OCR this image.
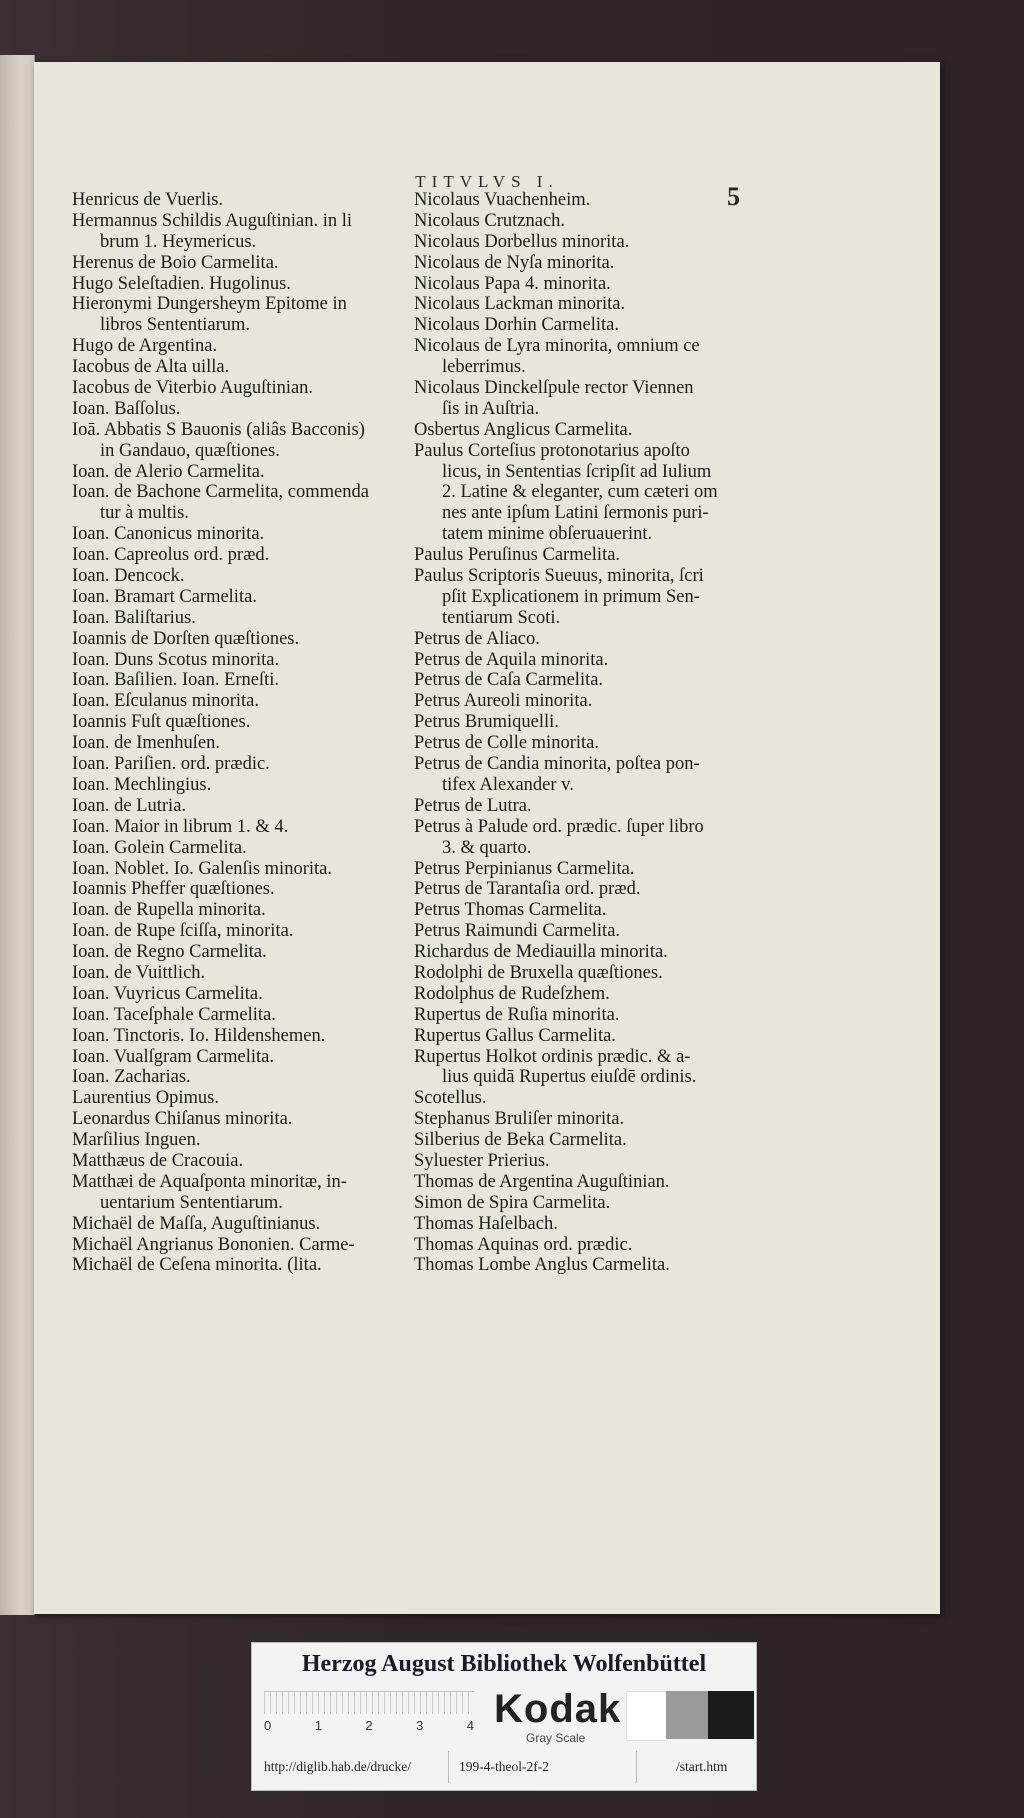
TITVLVS I.
5
Henricus de Vuerlis.
Hermannus Schildis Auguſtinian. in li
brum 1. Heymericus.
Herenus de Boio Carmelita.
Hugo Seleſtadien. Hugolinus.
Hieronymi Dungersheym Epitome in
libros Sententiarum.
Hugo de Argentina.
Iacobus de Alta uilla.
Iacobus de Viterbio Auguſtinian.
Ioan. Baſſolus.
Ioā. Abbatis S Bauonis (aliâs Bacconis)
in Gandauo, quæſtiones.
Ioan. de Alerio Carmelita.
Ioan. de Bachone Carmelita, commenda
tur à multis.
Ioan. Canonicus minorita.
Ioan. Capreolus ord. præd.
Ioan. Dencock.
Ioan. Bramart Carmelita.
Ioan. Baliſtarius.
Ioannis de Dorſten quæſtiones.
Ioan. Duns Scotus minorita.
Ioan. Baſilien. Ioan. Erneſti.
Ioan. Eſculanus minorita.
Ioannis Fuſt quæſtiones.
Ioan. de Imenhuſen.
Ioan. Pariſien. ord. prædic.
Ioan. Mechlingius.
Ioan. de Lutria.
Ioan. Maior in librum 1. & 4.
Ioan. Golein Carmelita.
Ioan. Noblet. Io. Galenſis minorita.
Ioannis Pheffer quæſtiones.
Ioan. de Rupella minorita.
Ioan. de Rupe ſciſſa, minorita.
Ioan. de Regno Carmelita.
Ioan. de Vuittlich.
Ioan. Vuyricus Carmelita.
Ioan. Taceſphale Carmelita.
Ioan. Tinctoris. Io. Hildenshemen.
Ioan. Vualſgram Carmelita.
Ioan. Zacharias.
Laurentius Opimus.
Leonardus Chiſanus minorita.
Marſilius Inguen.
Matthæus de Cracouia.
Matthæi de Aquaſponta minoritæ, in-
uentarium Sententiarum.
Michaël de Maſſa, Auguſtinianus.
Michaël Angrianus Bononien. Carme-
Michaël de Ceſena minorita. (lita.
Nicolaus Vuachenheim.
Nicolaus Crutznach.
Nicolaus Dorbellus minorita.
Nicolaus de Nyſa minorita.
Nicolaus Papa 4. minorita.
Nicolaus Lackman minorita.
Nicolaus Dorhin Carmelita.
Nicolaus de Lyra minorita, omnium ce
leberrimus.
Nicolaus Dinckelſpule rector Viennen
ſis in Auſtria.
Osbertus Anglicus Carmelita.
Paulus Corteſius protonotarius apoſto
licus, in Sententias ſcripſit ad Iulium
2. Latine & eleganter, cum cæteri om
nes ante ipſum Latini ſermonis puri-
tatem minime obſeruauerint.
Paulus Peruſinus Carmelita.
Paulus Scriptoris Sueuus, minorita, ſcri
pſit Explicationem in primum Sen-
tentiarum Scoti.
Petrus de Aliaco.
Petrus de Aquila minorita.
Petrus de Caſa Carmelita.
Petrus Aureoli minorita.
Petrus Brumiquelli.
Petrus de Colle minorita.
Petrus de Candia minorita, poſtea pon-
tifex Alexander v.
Petrus de Lutra.
Petrus à Palude ord. prædic. ſuper libro
3. & quarto.
Petrus Perpinianus Carmelita.
Petrus de Tarantaſia ord. præd.
Petrus Thomas Carmelita.
Petrus Raimundi Carmelita.
Richardus de Mediauilla minorita.
Rodolphi de Bruxella quæſtiones.
Rodolphus de Rudeſzhem.
Rupertus de Ruſia minorita.
Rupertus Gallus Carmelita.
Rupertus Holkot ordinis prædic. & a-
lius quidā Rupertus eiuſdē ordinis.
Scotellus.
Stephanus Bruliſer minorita.
Silberius de Beka Carmelita.
Syluester Prierius.
Thomas de Argentina Auguſtinian.
Simon de Spira Carmelita.
Thomas Haſelbach.
Thomas Aquinas ord. prædic.
Thomas Lombe Anglus Carmelita.
Herzog August Bibliothek Wolfenbüttel
0	1	2	3	4 Kodak
Gray Scale
http://diglib.hab.de/drucke/	199-4-theol-2f-2	/start.htm
